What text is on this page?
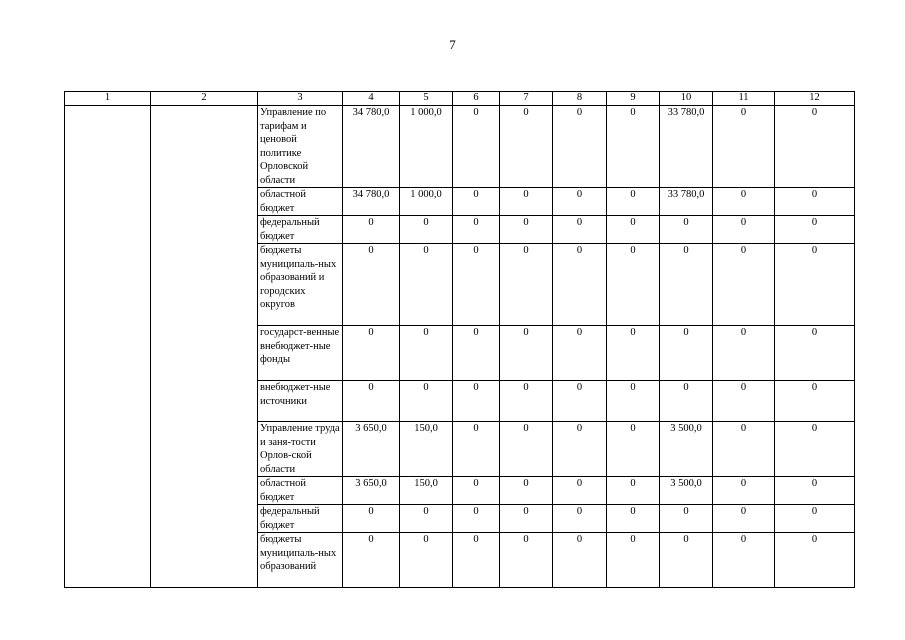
7
1	2	3	4	5	6	7	8	9	10	11	12
		Управление по тарифам и ценовой политике Орловской области	34 780,0	1 000,0	0	0	0	0	33 780,0	0	0
		областной бюджет	34 780,0	1 000,0	0	0	0	0	33 780,0	0	0
		федеральный бюджет	0	0	0	0	0	0	0	0	0
		бюджеты муниципаль-ных образований и городских округов	0	0	0	0	0	0	0	0	0
		государст-венные внебюджет-ные фонды	0	0	0	0	0	0	0	0	0
		внебюджет-ные источники	0	0	0	0	0	0	0	0	0
		Управление труда и заня-тости Орлов-ской области	3 650,0	150,0	0	0	0	0	3 500,0	0	0
		областной бюджет	3 650,0	150,0	0	0	0	0	3 500,0	0	0
		федеральный бюджет	0	0	0	0	0	0	0	0	0
		бюджеты муниципаль-ных образований	0	0	0	0	0	0	0	0	0
